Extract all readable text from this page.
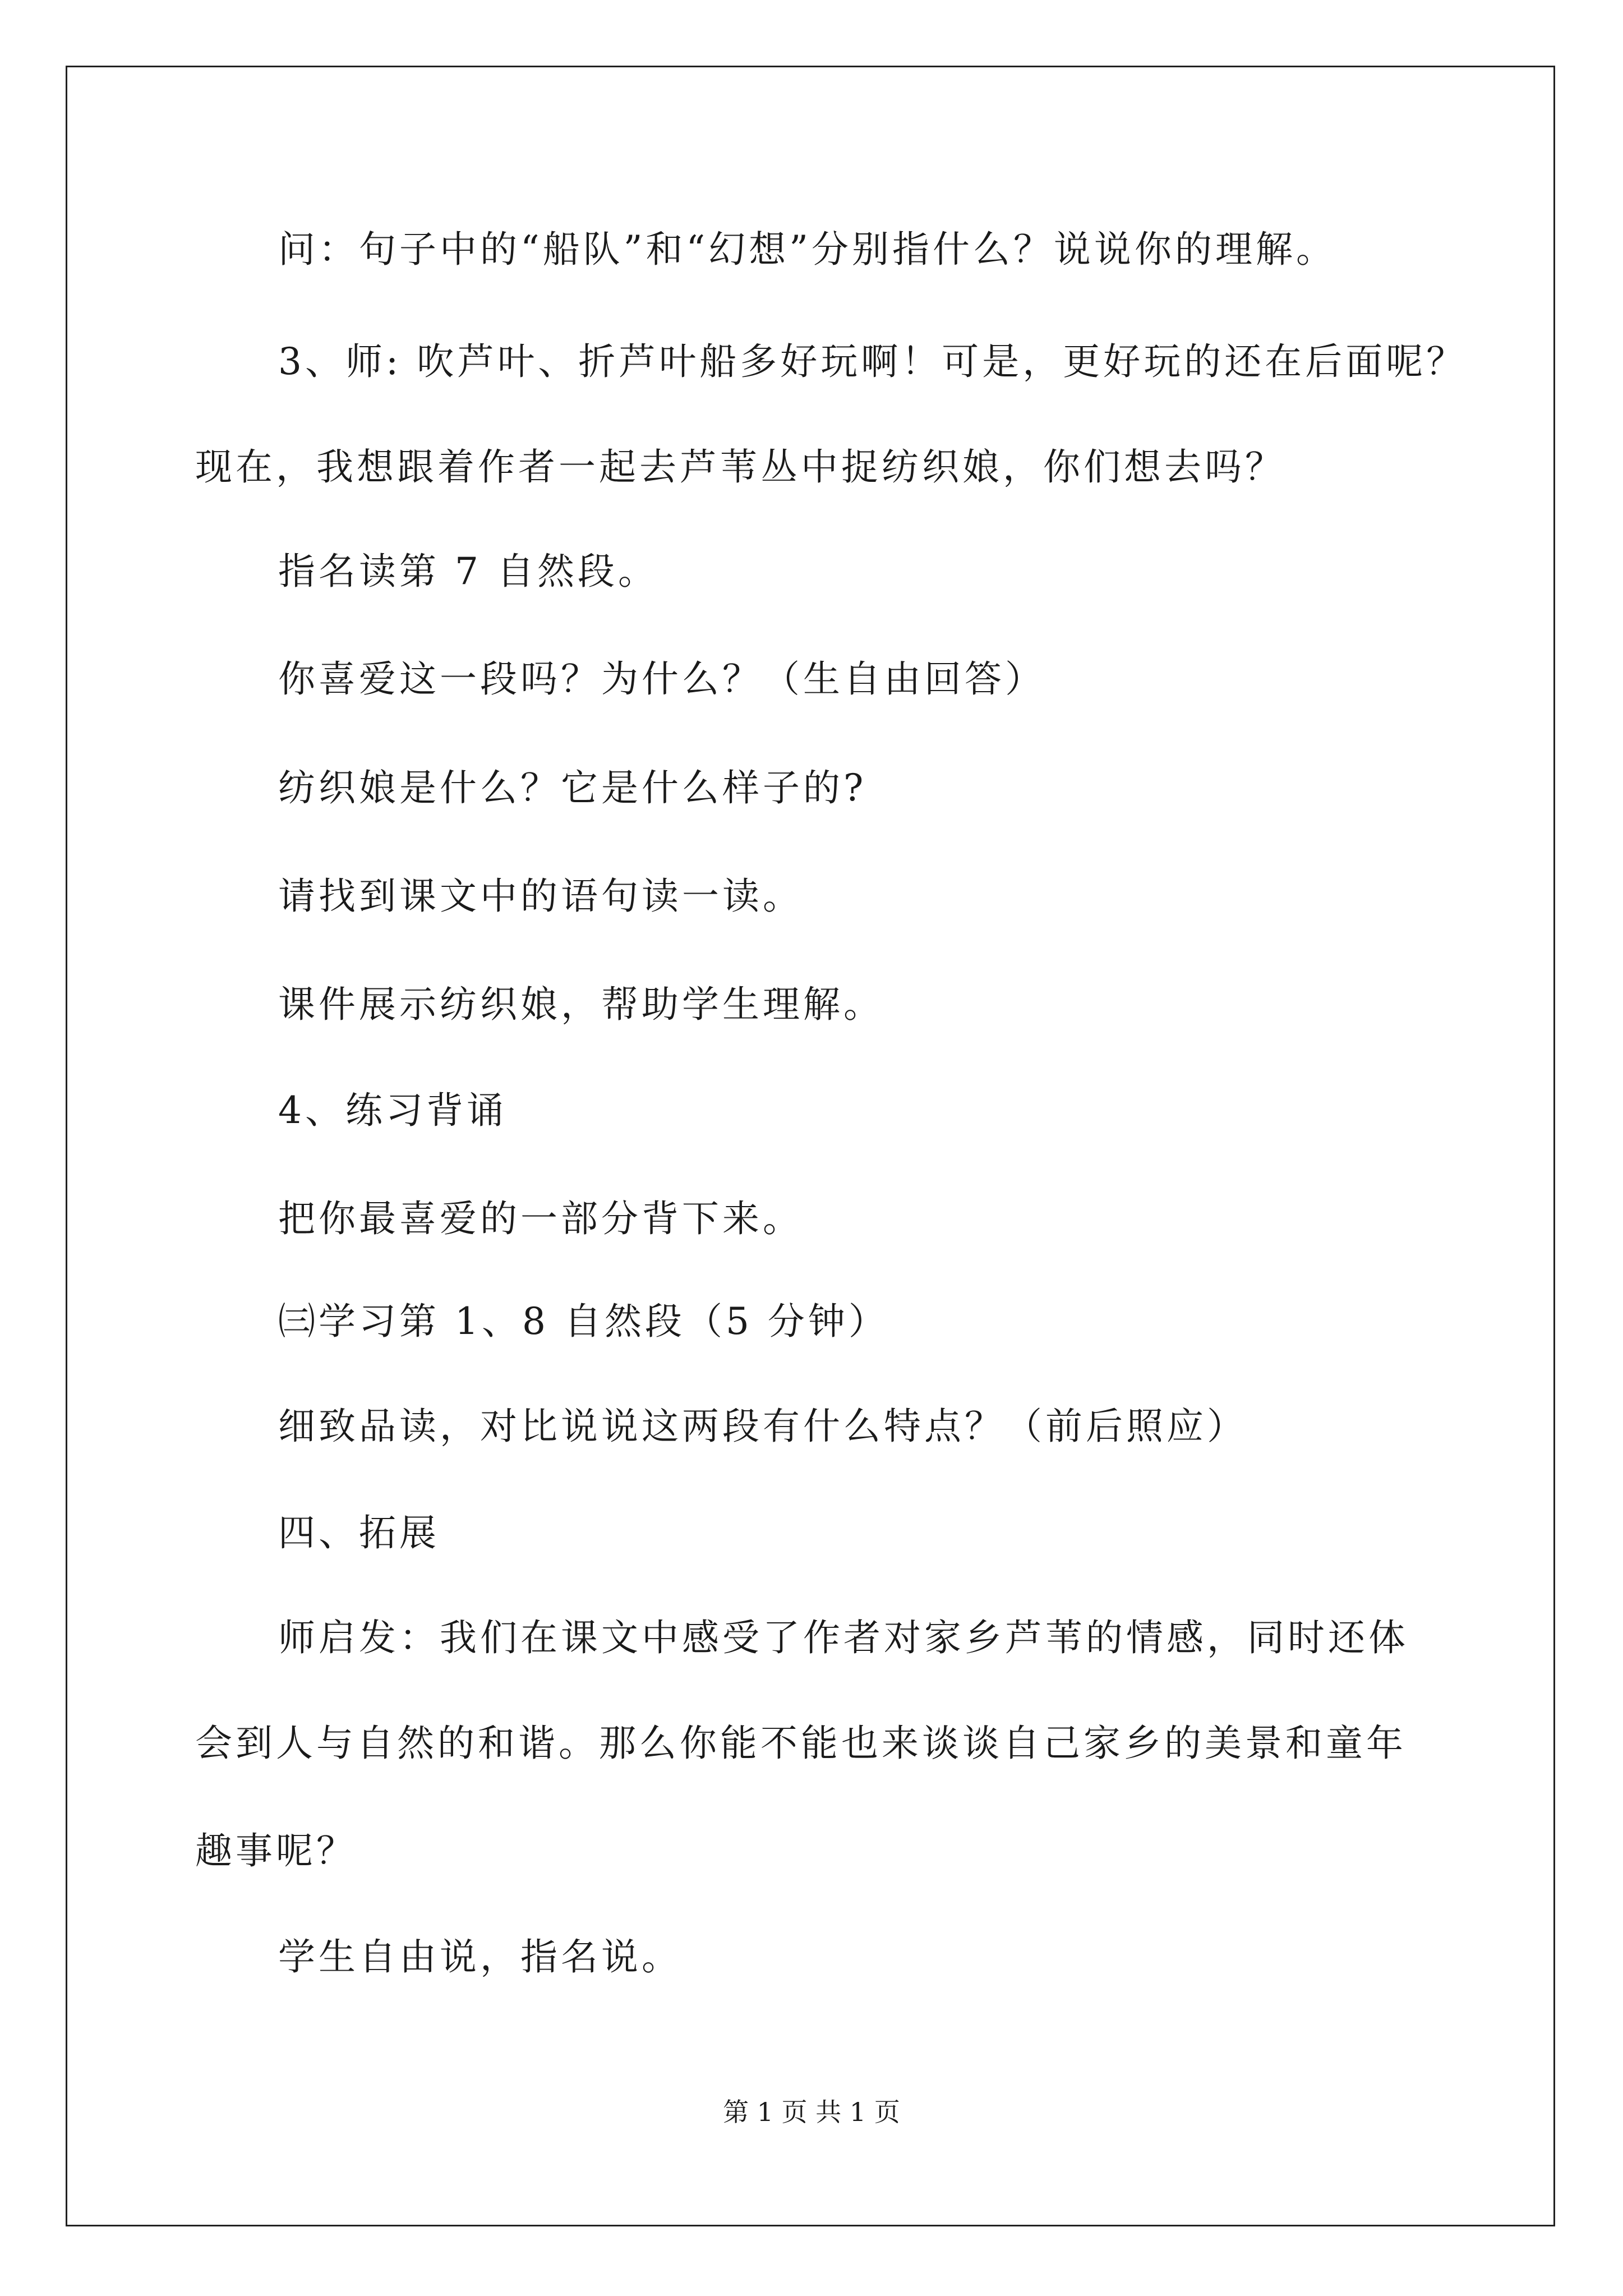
问：句子中的“船队”和“幻想”分别指什么？说说你的理解。
3、师: 吹芦叶、折芦叶船多好玩啊！可是，更好玩的还在后面呢？
现在，我想跟着作者一起去芦苇丛中捉纺织娘，你们想去吗？
指名读第 7 自然段。
你喜爱这一段吗？为什么？（生自由回答）
纺织娘是什么？它是什么样子的?
请找到课文中的语句读一读。
课件展示纺织娘，帮助学生理解。
4、练习背诵
把你最喜爱的一部分背下来。
㈢学习第 1、8 自然段（5 分钟）
细致品读，对比说说这两段有什么特点？（前后照应）
四、拓展
师启发：我们在课文中感受了作者对家乡芦苇的情感，同时还体
会到人与自然的和谐。那么你能不能也来谈谈自己家乡的美景和童年
趣事呢？
学生自由说，指名说。
第 1 页 共 1 页
